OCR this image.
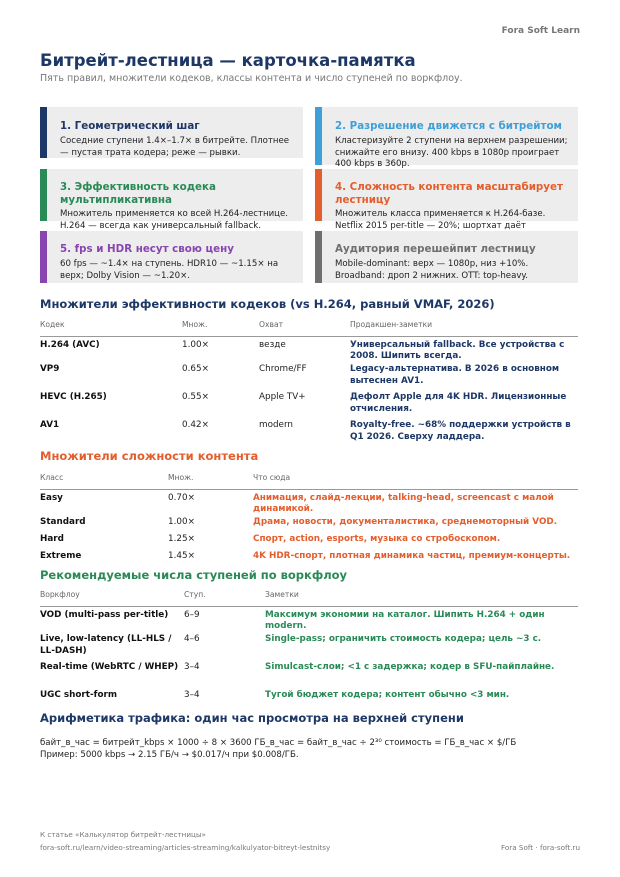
Fora Soft Learn
Битрейт-лестница — карточка-памятка
Пять правил, множители кодеков, классы контента и число ступеней по воркфлоу.
1. Геометрический шаг
Соседние ступени 1.4×–1.7× в битрейте. Плотнее — пустая трата кодера; реже — рывки.
2. Разрешение движется с битрейтом
Кластеризуйте 2 ступени на верхнем разрешении; снижайте его внизу. 400 kbps в 1080p проиграет 400 kbps в 360p.
3. Эффективность кодека мультипликативна
Множитель применяется ко всей H.264-лестнице. H.264 — всегда как универсальный fallback.
4. Сложность контента масштабирует лестницу
Множитель класса применяется к H.264-базе. Netflix 2015 per-title — 20%; шортхат даёт
5. fps и HDR несут свою цену
60 fps — ~1.4× на ступень. HDR10 — ~1.15× на верх; Dolby Vision — ~1.20×.
Аудитория перешейпит лестницу
Mobile-dominant: верх — 1080p, низ +10%. Broadband: дроп 2 нижних. OTT: top-heavy.
Множители эффективности кодеков (vs H.264, равный VMAF, 2026)
Кодек	Множ.	Охват	Продакшен-заметки
H.264 (AVC)	1.00×	везде	Универсальный fallback. Все устройства с 2008. Шипить всегда.
VP9	0.65×	Chrome/FF	Legacy-альтернатива. В 2026 в основном вытеснен AV1.
HEVC (H.265)	0.55×	Apple TV+	Дефолт Apple для 4K HDR. Лицензионные отчисления.
AV1	0.42×	modern	Royalty-free. ~68% поддержки устройств в Q1 2026. Сверху ладдера.
Множители сложности контента
Класс	Множ.	Что сюда
Easy	0.70×	Анимация, слайд-лекции, talking-head, screencast с малой динамикой.
Standard	1.00×	Драма, новости, документалистика, среднемоторный VOD.
Hard	1.25×	Спорт, action, esports, музыка со стробоскопом.
Extreme	1.45×	4K HDR-спорт, плотная динамика частиц, премиум-концерты.
Рекомендуемые числа ступеней по воркфлоу
Воркфлоу	Ступ.	Заметки
VOD (multi-pass per-title)	6–9	Максимум экономии на каталог. Шипить H.264 + один modern.
Live, low-latency (LL-HLS / LL-DASH)	4–6	Single-pass; ограничить стоимость кодера; цель ~3 с.
Real-time (WebRTC / WHEP)	3–4	Simulcast-слои; <1 с задержка; кодер в SFU-пайплайне.
UGC short-form	3–4	Тугой бюджет кодера; контент обычно <3 мин.
Арифметика трафика: один час просмотра на верхней ступени
байт_в_час = битрейт_kbps × 1000 ÷ 8 × 3600 ГБ_в_час = байт_в_час ÷ 2³⁰ стоимость = ГБ_в_час × $/ГБ
Пример: 5000 kbps → 2.15 ГБ/ч → $0.017/ч при $0.008/ГБ.
К статье «Калькулятор битрейт-лестницы»
fora-soft.ru/learn/video-streaming/articles-streaming/kalkulyator-bitreyt-lestnitsy	Fora Soft · fora-soft.ru
